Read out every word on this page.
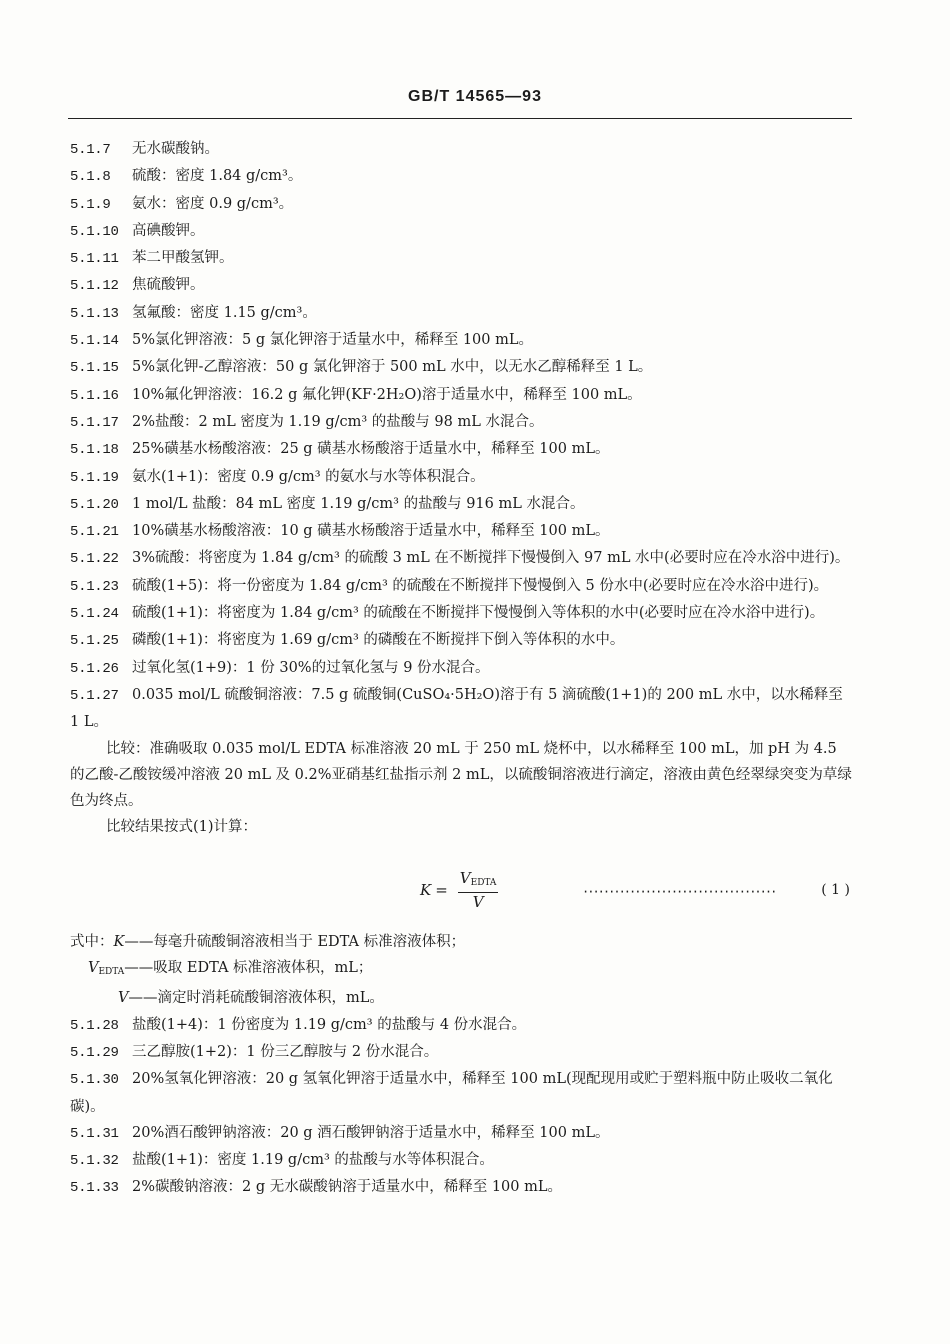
GB/T 14565—93

5.1.7 无水碳酸钠。

5.1.8 硫酸：密度 1.84 g/cm³。

5.1.9 氨水：密度 0.9 g/cm³。

5.1.10 高碘酸钾。

5.1.11 苯二甲酸氢钾。

5.1.12 焦硫酸钾。

5.1.13 氢氟酸：密度 1.15 g/cm³。

5.1.14 5%氯化钾溶液：5 g 氯化钾溶于适量水中，稀释至 100 mL。

5.1.15 5%氯化钾-乙醇溶液：50 g 氯化钾溶于 500 mL 水中，以无水乙醇稀释至 1 L。

5.1.16 10%氟化钾溶液：16.2 g 氟化钾(KF·2H₂O)溶于适量水中，稀释至 100 mL。

5.1.17 2%盐酸：2 mL 密度为 1.19 g/cm³ 的盐酸与 98 mL 水混合。

5.1.18 25%磺基水杨酸溶液：25 g 磺基水杨酸溶于适量水中，稀释至 100 mL。

5.1.19 氨水(1+1)：密度 0.9 g/cm³ 的氨水与水等体积混合。

5.1.20 1 mol/L 盐酸：84 mL 密度 1.19 g/cm³ 的盐酸与 916 mL 水混合。

5.1.21 10%磺基水杨酸溶液：10 g 磺基水杨酸溶于适量水中，稀释至 100 mL。

5.1.22 3%硫酸：将密度为 1.84 g/cm³ 的硫酸 3 mL 在不断搅拌下慢慢倒入 97 mL 水中(必要时应在冷水浴中进行)。

5.1.23 硫酸(1+5)：将一份密度为 1.84 g/cm³ 的硫酸在不断搅拌下慢慢倒入 5 份水中(必要时应在冷水浴中进行)。

5.1.24 硫酸(1+1)：将密度为 1.84 g/cm³ 的硫酸在不断搅拌下慢慢倒入等体积的水中(必要时应在冷水浴中进行)。

5.1.25 磷酸(1+1)：将密度为 1.69 g/cm³ 的磷酸在不断搅拌下倒入等体积的水中。

5.1.26 过氧化氢(1+9)：1 份 30%的过氧化氢与 9 份水混合。

5.1.27 0.035 mol/L 硫酸铜溶液：7.5 g 硫酸铜(CuSO₄·5H₂O)溶于有 5 滴硫酸(1+1)的 200 mL 水中，以水稀释至 1 L。

比较：准确吸取 0.035 mol/L EDTA 标准溶液 20 mL 于 250 mL 烧杯中，以水稀释至 100 mL，加 pH 为 4.5 的乙酸-乙酸铵缓冲溶液 20 mL 及 0.2%亚硝基红盐指示剂 2 mL，以硫酸铜溶液进行滴定，溶液由黄色经翠绿突变为草绿色为终点。

比较结果按式(1)计算：

$K = \frac{V_{EDTA}}{V}$	·····································	( 1 )

式中：K——每毫升硫酸铜溶液相当于 EDTA 标准溶液体积；

$V_{EDTA}——$吸取 EDTA 标准溶液体积，mL；

V——滴定时消耗硫酸铜溶液体积，mL。

5.1.28 盐酸(1+4)：1 份密度为 1.19 g/cm³ 的盐酸与 4 份水混合。

5.1.29 三乙醇胺(1+2)：1 份三乙醇胺与 2 份水混合。

5.1.30 20%氢氧化钾溶液：20 g 氢氧化钾溶于适量水中，稀释至 100 mL(现配现用或贮于塑料瓶中防止吸收二氧化碳)。

5.1.31 20%酒石酸钾钠溶液：20 g 酒石酸钾钠溶于适量水中，稀释至 100 mL。

5.1.32 盐酸(1+1)：密度 1.19 g/cm³ 的盐酸与水等体积混合。

5.1.33 2%碳酸钠溶液：2 g 无水碳酸钠溶于适量水中，稀释至 100 mL。
